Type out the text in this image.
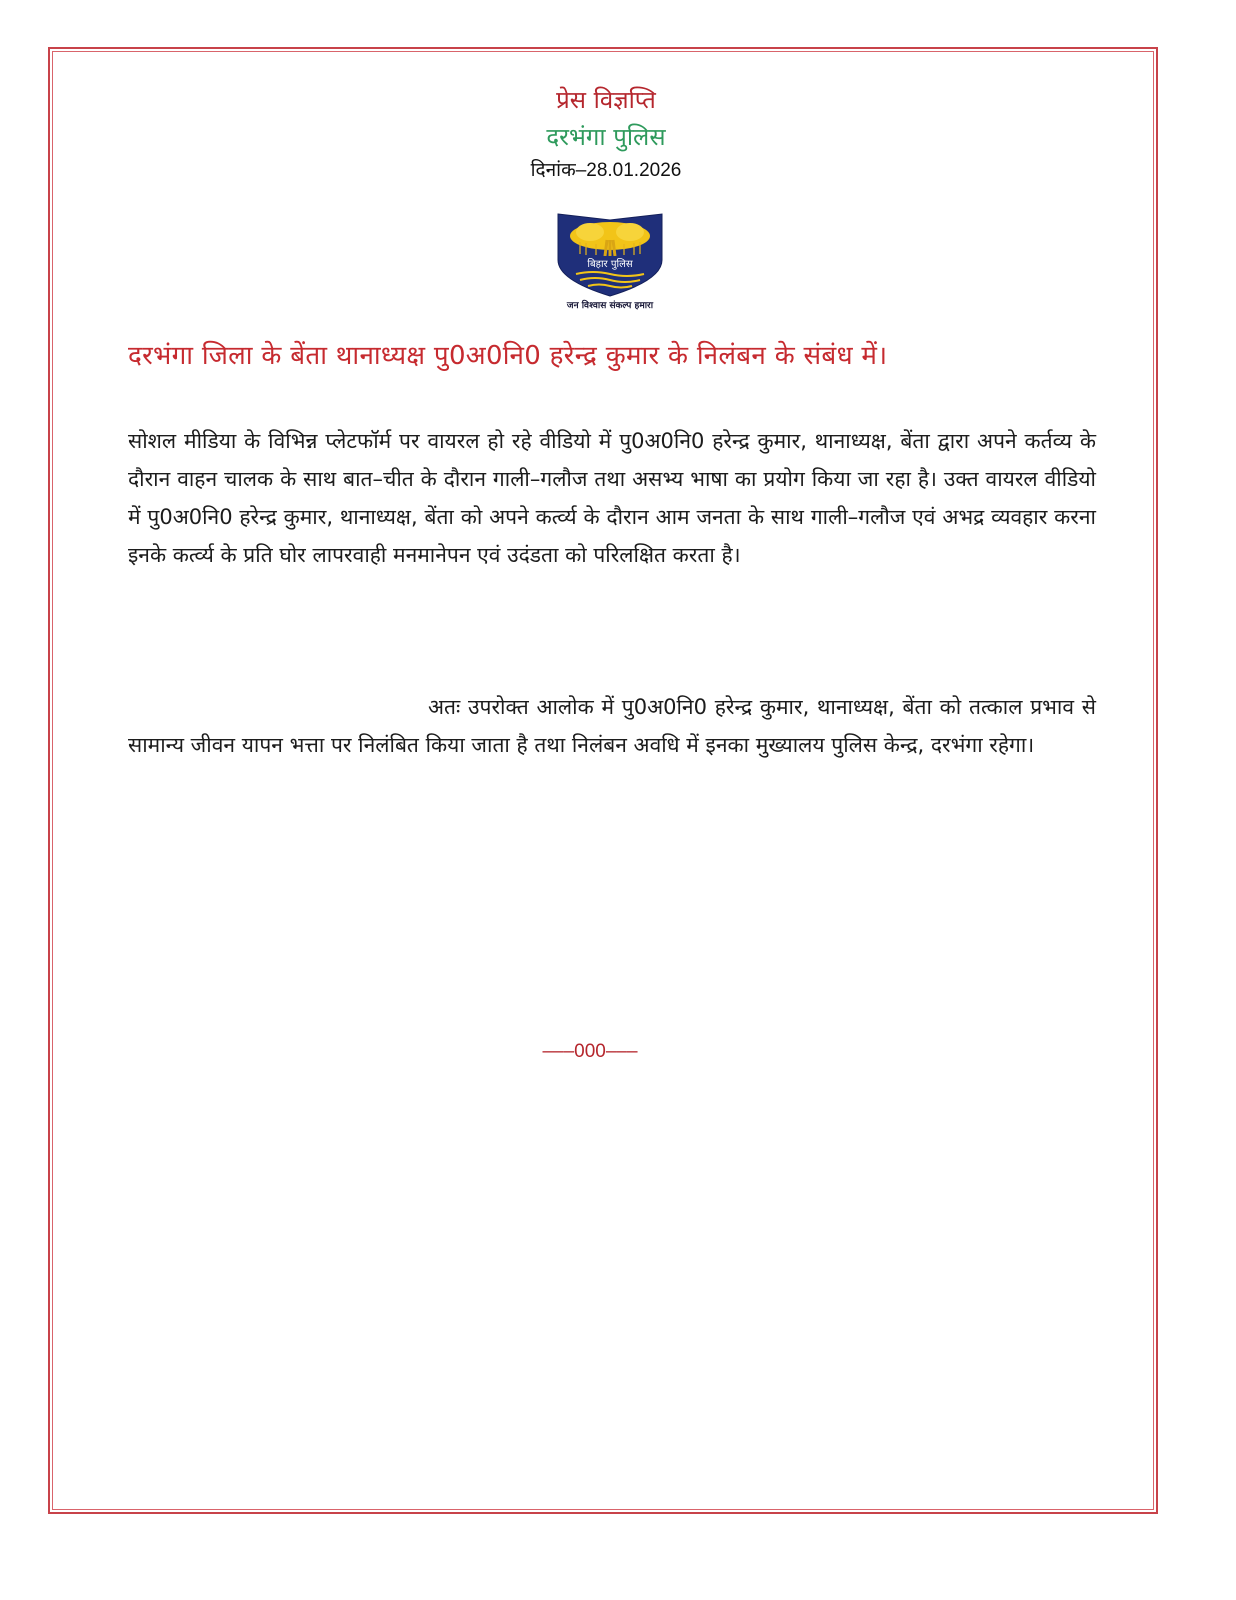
प्रेस विज्ञप्ति
दरभंगा पुलिस
दिनांक–28.01.2026
बिहार पुलिस
जन विश्वास संकल्प हमारा
दरभंगा जिला के बेंता थानाध्यक्ष पु0अ0नि0 हरेन्द्र कुमार के निलंबन के संबंध में।
सोशल मीडिया के विभिन्न प्लेटफॉर्म पर वायरल हो रहे वीडियो में पु0अ0नि0 हरेन्द्र कुमार, थानाध्यक्ष, बेंता द्वारा अपने कर्तव्य के दौरान वाहन चालक के साथ बात–चीत के दौरान गाली–गलौज तथा असभ्य भाषा का प्रयोग किया जा रहा है। उक्त वायरल वीडियो में पु0अ0नि0 हरेन्द्र कुमार, थानाध्यक्ष, बेंता को अपने कर्त्व्य के दौरान आम जनता के साथ गाली–गलौज एवं अभद्र व्यवहार करना इनके कर्त्व्य के प्रति घोर लापरवाही मनमानेपन एवं उदंडता को परिलक्षित करता है।
अतः उपरोक्त आलोक में पु0अ0नि0 हरेन्द्र कुमार, थानाध्यक्ष, बेंता को तत्काल प्रभाव से सामान्य जीवन यापन भत्ता पर निलंबित किया जाता है तथा निलंबन अवधि में इनका मुख्यालय पुलिस केन्द्र, दरभंगा रहेगा।
–––000–––
